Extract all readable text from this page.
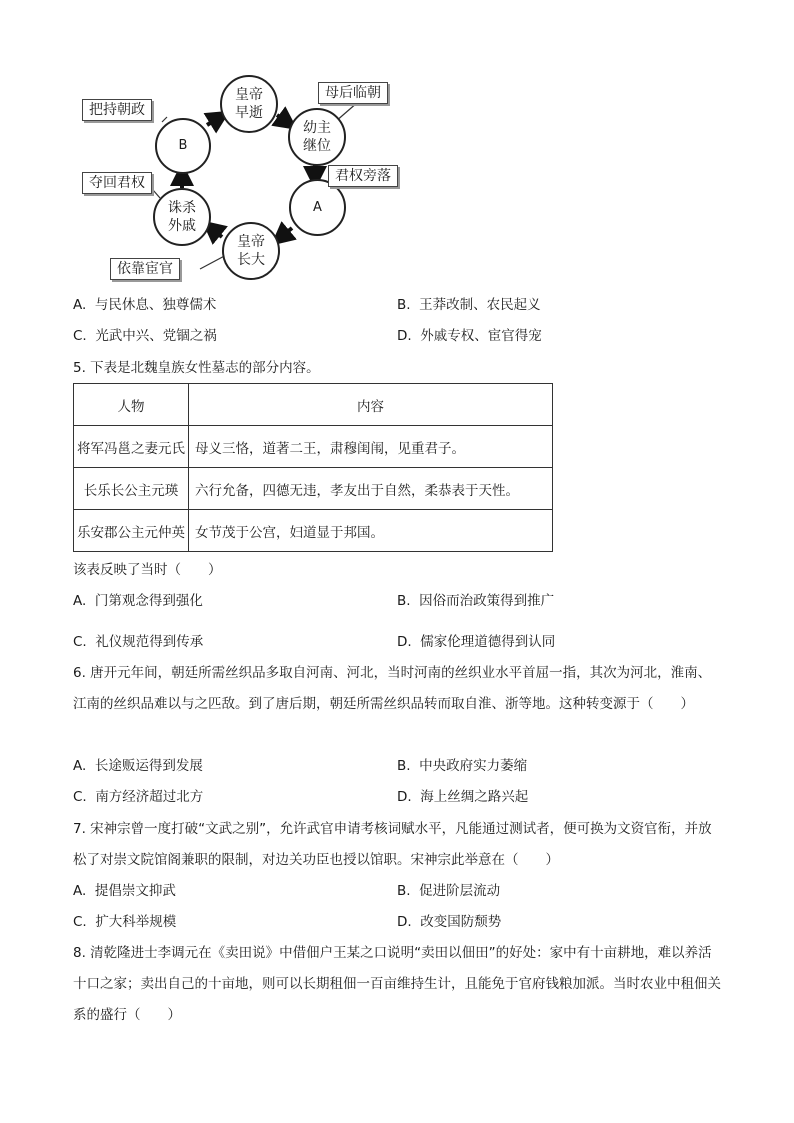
皇帝
早逝
幼主
继位
A
皇帝
长大
诛杀
外戚
B
母后临朝
君权旁落
依靠宦官
夺回君权
把持朝政
A. 与民休息、独尊儒术	B. 王莽改制、农民起义
C. 光武中兴、党锢之祸	D. 外戚专权、宦官得宠
5. 下表是北魏皇族女性墓志的部分内容。
人物	内容
将军冯邕之妻元氏	母义三恪，道著二王，肃穆闺闱，见重君子。
长乐长公主元瑛	六行允备，四德无违，孝友出于自然，柔恭表于天性。
乐安郡公主元仲英	女节茂于公宫，妇道显于邦国。
该表反映了当时（　　）
A. 门第观念得到强化	B. 因俗而治政策得到推广
C. 礼仪规范得到传承	D. 儒家伦理道德得到认同
6. 唐开元年间，朝廷所需丝织品多取自河南、河北，当时河南的丝织业水平首屈一指，其次为河北，淮南、江南的丝织品难以与之匹敌。到了唐后期，朝廷所需丝织品转而取自淮、浙等地。这种转变源于（　　）
A. 长途贩运得到发展	B. 中央政府实力萎缩
C. 南方经济超过北方	D. 海上丝绸之路兴起
7. 宋神宗曾一度打破“文武之别”，允许武官申请考核词赋水平，凡能通过测试者，便可换为文资官衔，并放松了对崇文院馆阁兼职的限制，对边关功臣也授以馆职。宋神宗此举意在（　　）
A. 提倡崇文抑武	B. 促进阶层流动
C. 扩大科举规模	D. 改变国防颓势
8. 清乾隆进士李调元在《卖田说》中借佃户王某之口说明“卖田以佃田”的好处：家中有十亩耕地，难以养活十口之家；卖出自己的十亩地，则可以长期租佃一百亩维持生计，且能免于官府钱粮加派。当时农业中租佃关系的盛行（　　）
